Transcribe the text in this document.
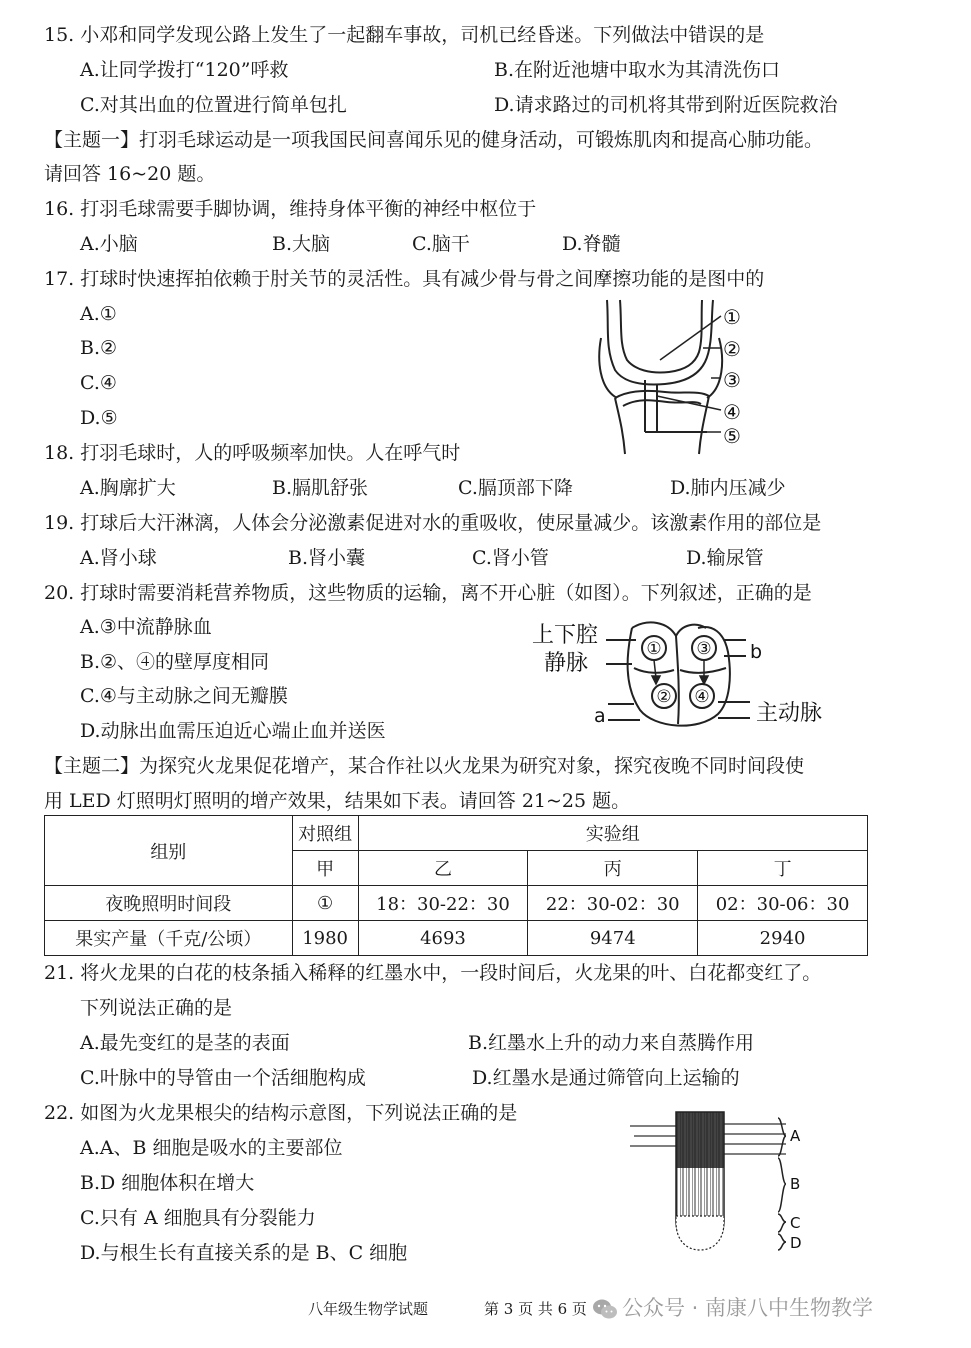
15. 小邓和同学发现公路上发生了一起翻车事故，司机已经昏迷。下列做法中错误的是
A.让同学拨打“120”呼救	B.在附近池塘中取水为其清洗伤口
C.对其出血的位置进行简单包扎	D.请求路过的司机将其带到附近医院救治
【主题一】打羽毛球运动是一项我国民间喜闻乐见的健身活动，可锻炼肌肉和提高心肺功能。
请回答 16~20 题。
16. 打羽毛球需要手脚协调，维持身体平衡的神经中枢位于
A.小脑	B.大脑	C.脑干	D.脊髓
17. 打球时快速挥拍依赖于肘关节的灵活性。具有减少骨与骨之间摩擦功能的是图中的
A.①
B.②
C.④
D.⑤
①
②
③
④
⑤
18. 打羽毛球时，人的呼吸频率加快。人在呼气时
A.胸廓扩大	B.膈肌舒张	C.膈顶部下降	D.肺内压减少
19. 打球后大汗淋漓，人体会分泌激素促进对水的重吸收，使尿量减少。该激素作用的部位是
A.肾小球	B.肾小囊	C.肾小管	D.输尿管
20. 打球时需要消耗营养物质，这些物质的运输，离不开心脏（如图）。下列叙述，正确的是
A.③中流静脉血
B.②、④的壁厚度相同
C.④与主动脉之间无瓣膜
D.动脉出血需压迫近心端止血并送医
上下腔
静脉
主动脉
b
a
① ③
② ④
【主题二】为探究火龙果促花增产，某合作社以火龙果为研究对象，探究夜晚不同时间段使
用 LED 灯照明灯照明的增产效果，结果如下表。请回答 21~25 题。
组别	对照组	实验组		
	甲	乙	丙	丁
夜晚照明时间段	①	18：30-22：30	22：30-02：30	02：30-06：30
果实产量（千克/公顷）	1980	4693	9474	2940
21. 将火龙果的白花的枝条插入稀释的红墨水中，一段时间后，火龙果的叶、白花都变红了。
下列说法正确的是
A.最先变红的是茎的表面	B.红墨水上升的动力来自蒸腾作用
C.叶脉中的导管由一个活细胞构成	D.红墨水是通过筛管向上运输的
22. 如图为火龙果根尖的结构示意图，下列说法正确的是
A.A、B 细胞是吸水的主要部位
B.D 细胞体积在增大
C.只有 A 细胞具有分裂能力
D.与根生长有直接关系的是 B、C 细胞
A
B
C
D
八年级生物学试题	第 3 页 共 6 页 公众号 · 南康八中生物教学
